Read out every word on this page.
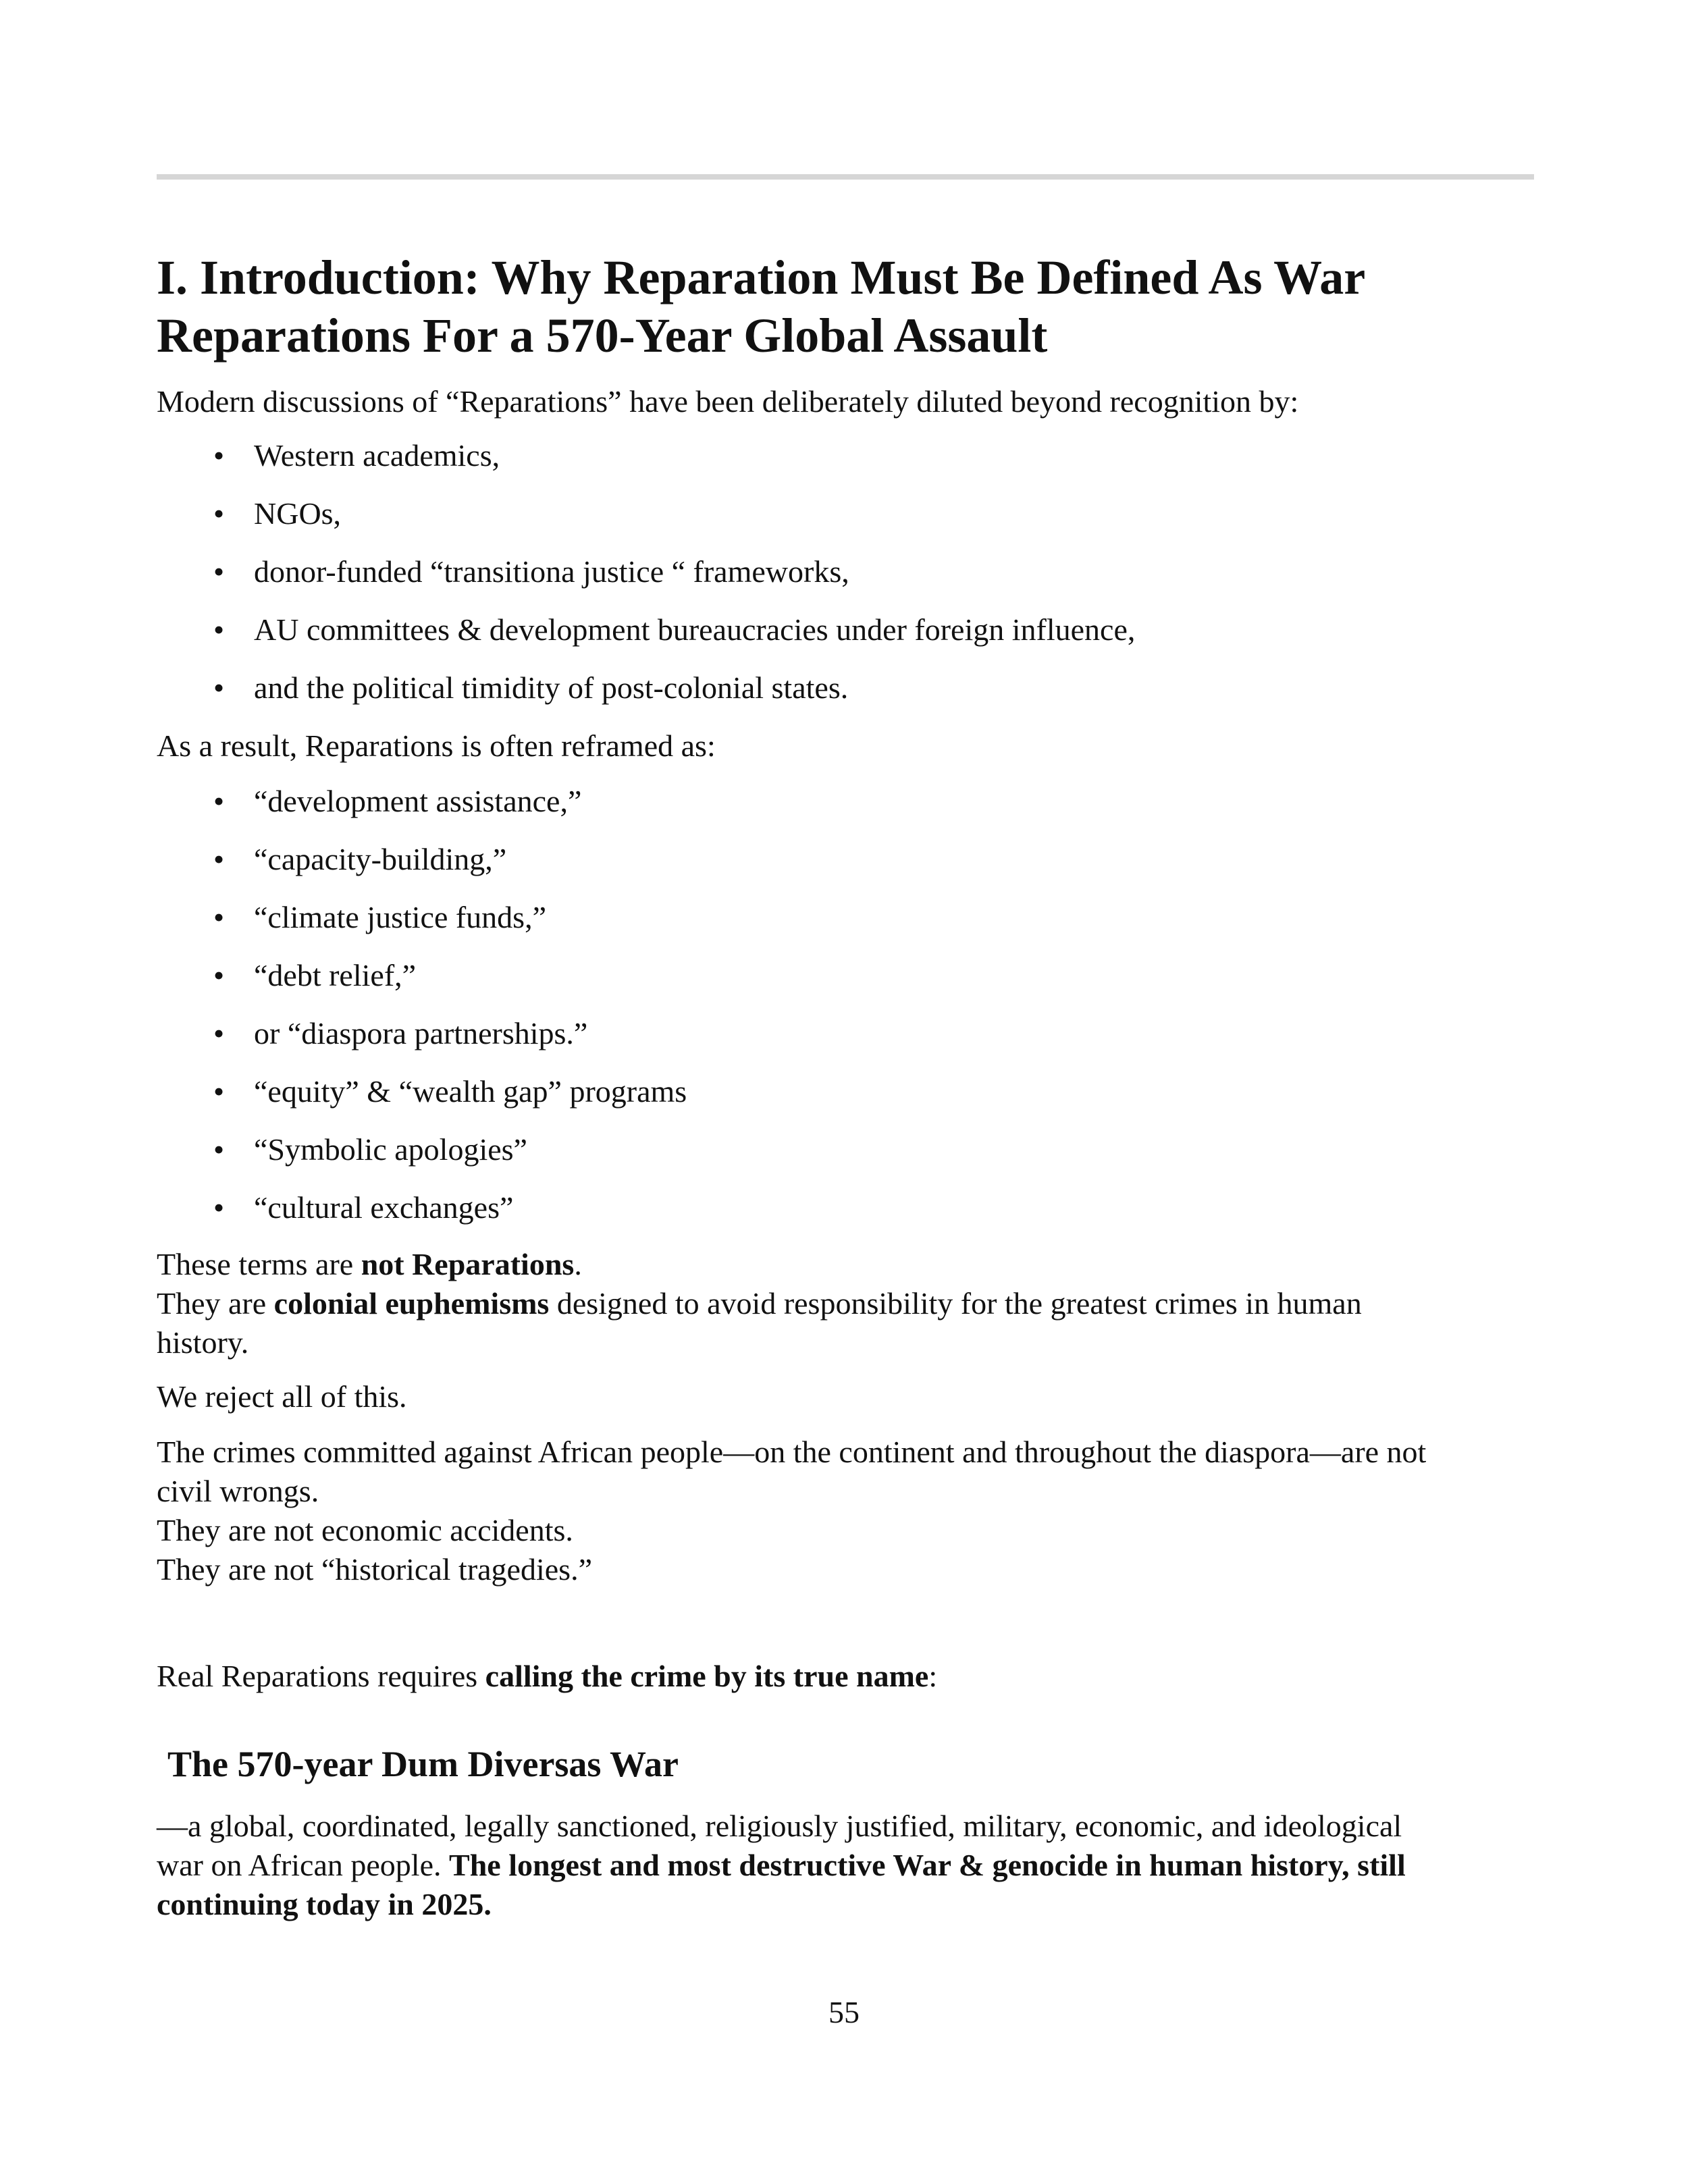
I. Introduction: Why Reparation Must Be Defined As War
Reparations For a 570-Year Global Assault
Modern discussions of “Reparations” have been deliberately diluted beyond recognition by:
• Western academics,
• NGOs,
• donor-funded “transitiona justice “ frameworks,
• AU committees & development bureaucracies under foreign influence,
• and the political timidity of post-colonial states.
As a result, Reparations is often reframed as:
• “development assistance,”
• “capacity-building,”
• “climate justice funds,”
• “debt relief,”
• or “diaspora partnerships.”
• “equity” & “wealth gap” programs
• “Symbolic apologies”
• “cultural exchanges”
These terms are not Reparations.
They are colonial euphemisms designed to avoid responsibility for the greatest crimes in human
history.
We reject all of this.
The crimes committed against African people—on the continent and throughout the diaspora—are not
civil wrongs.
They are not economic accidents.
They are not “historical tragedies.”
Real Reparations requires calling the crime by its true name:
The 570-year Dum Diversas War
—a global, coordinated, legally sanctioned, religiously justified, military, economic, and ideological
war on African people. The longest and most destructive War & genocide in human history, still
continuing today in 2025.
55
